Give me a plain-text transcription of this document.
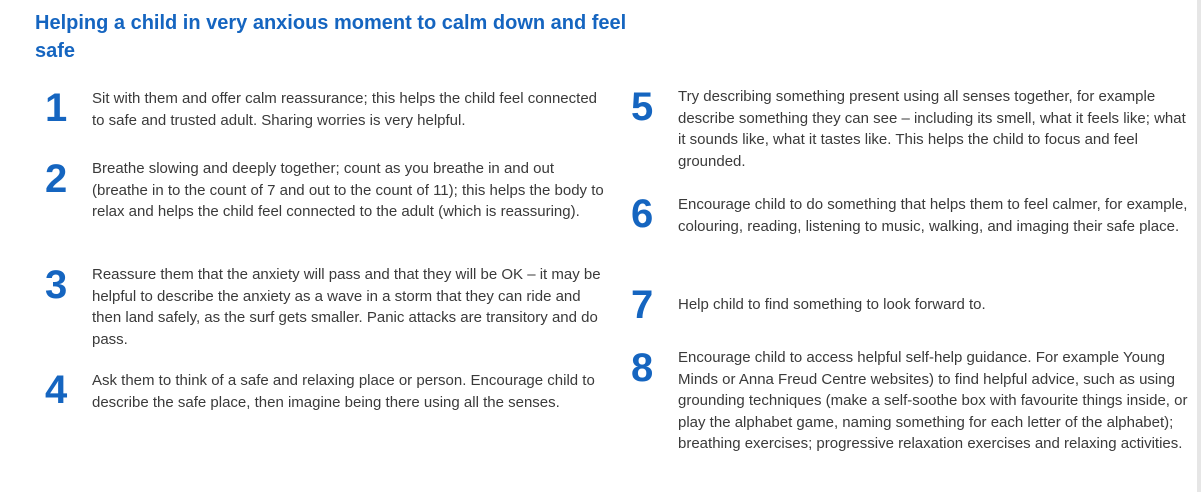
Helping a child in very anxious moment to calm down and feel safe
1 Sit with them and offer calm reassurance; this helps the child feel connected to safe and trusted adult. Sharing worries is very helpful.

2 Breathe slowing and deeply together; count as you breathe in and out (breathe in to the count of 7 and out to the count of 11); this helps the body to relax and helps the child feel connected to the adult (which is reassuring).

3 Reassure them that the anxiety will pass and that they will be OK – it may be helpful to describe the anxiety as a wave in a storm that they can ride and then land safely, as the surf gets smaller. Panic attacks are transitory and do pass.

4 Ask them to think of a safe and relaxing place or person. Encourage child to describe the safe place, then imagine being there using all the senses.

5 Try describing something present using all senses together, for example describe something they can see – including its smell, what it feels like; what it sounds like, what it tastes like. This helps the child to focus and feel grounded.

6 Encourage child to do something that helps them to feel calmer, for example, colouring, reading, listening to music, walking, and imaging their safe place.

7 Help child to find something to look forward to.

8 Encourage child to access helpful self-help guidance. For example Young Minds or Anna Freud Centre websites) to find helpful advice, such as using grounding techniques (make a self-soothe box with favourite things inside, or play the alphabet game, naming something for each letter of the alphabet); breathing exercises; progressive relaxation exercises and relaxing activities.
